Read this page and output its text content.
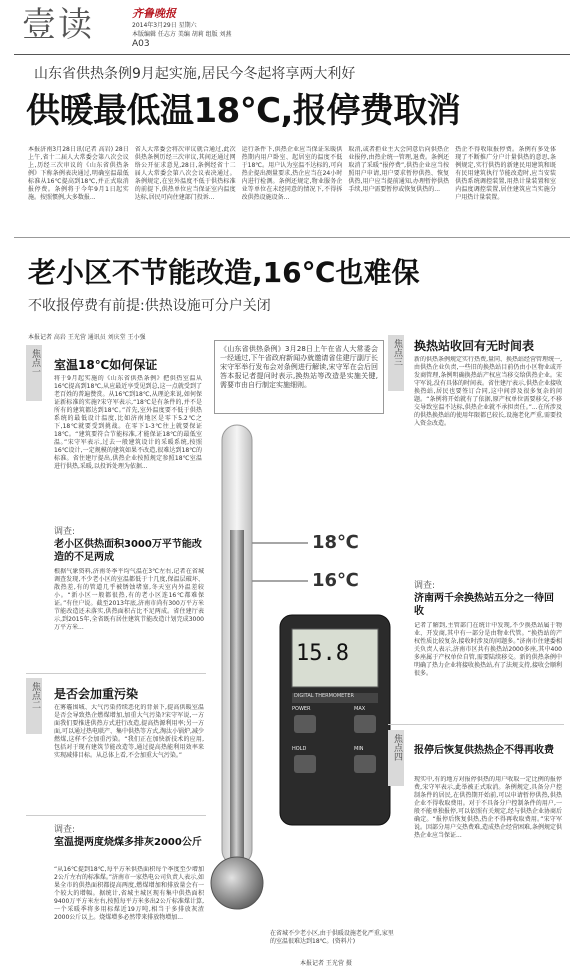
壹读	齐鲁晚报
2014年3月29日 星期六
本版编辑 任志方 美编 胡莉 组版 刘燕
A03
山东省供热条例9月起实施,居民今冬起将享两大利好
供暖最低温18℃,报停费取消
本报济南3月28日讯(记者 高岩) 28日上午,省十二届人大常委会第八次会议上,历经三次审议的《山东省供热条例》下称条例表决通过,明确室温最低标准从16℃提高到18℃,并正式取消报停费。条例将于今年9月1日起实施。按照惯例,大多数报...
省人大常委会将次审议就合通过,此次供热条例历经三次审议,其间还通过网络公开征求意见,28日,条例经省十二届人大常委会第八次会议表决通过。条例规定,在室外温度不低于供热标准的前提下,供热单位应当保证室内温度达标,居民可向住建部门投诉...
运行条件下,供热企业应当保证采暖供热期内用户卧室、起居室的温度不低于18℃。用户认为室温不达标的,可向热企提出测量要求,热企应当在24小时内进行检测。条例还规定,物业服务企业等单位在未经同意的情况下,不得拆改供热设施设备...
取消,或者拒业主大会同意后向供热企业报停,由热企统一管理,退费。条例还取消了采暖“报停费”,供热企业应当按照用户申请,用户要求暂停供热、恢复供热,用户应当提前通知,办理暂停供热手续,用户需要暂停或恢复供热的...
热企不得收取报停费。条例有多处体现了不断推广分户计量供热的意思,条例规定,实行供热的新建民用建筑和既有民用建筑执行节能改造时,应当安装供热系统调控装置,用热计量装置和室内温度调控装置,居住建筑应当实施分户用热计量装置。
老小区不节能改造,16℃也难保
不收报停费有前提:供热设施可分户关闭
本报记者 高岩 王光营 通讯员 刘庆堂 王小强
焦点一	室温18℃如何保证
将于9月起实施的《山东省供热条例》把供热室温从16℃提高到18℃,从应最近享受见到总,这一点就受到了老百姓的普遍赞赏。从16℃到18℃,从理论来说,如何保证新标准的实施?宋守军表示,“18℃是有条件的,并不是所有的建筑都达到18℃。”首先,室外温度要不低于供热系统的最低设计温度,比如济南地区是零下5.2℃之下,18℃就要受到挑战。在零下1-3℃往上就要保证18℃。“建筑要符合节能标准,才能保证18℃的最低室温。”宋守军表示,过去一般建筑设计的采暖系统,按照16℃设计,一定规模的建筑如果不改造,很难达到18℃的标准。省住建厅提出,供热企业按照规定参照18℃室温进行供热,采暖,以投诉处理为依据...
调查:
老小区供热面积3000万平节能改造的不足两成
根据气象资料,济南冬季平均气温在3℃左右,记者在省城调查发现,不少老小区的室温都低于十几度,保温层破坏、散热差,有的管道几乎被锈蚀堵塞,冬天室内外温差较小。“新小区一般都很热,有的老小区连16℃都难保证。”有住户说。截至2013年底,济南市尚有300万平方米节能改造还未落实,供热面积占比不足两成。省住建厅表示,到2015年,全省既有居住建筑节能改造计划完成3000万平方米...
焦点二	是否会加重污染
在雾霾围城、大气污染持续恶化的背景下,提高供暖室温是否会导致热企燃煤增加,加重大气污染?宋守军说,一方面我们要推进供热方式进行改造,提高热源利用率;另一方面,可以通过热电联产、集中供热等方式,淘汰小锅炉,减少燃煤,这样不会加重污染。“我们正在加快新技术的应用,包括对于现有建筑节能改造等,通过提高热能利用效率来实现减排目标。从总体上看,不会加重大气污染。”
调查:
室温提两度烧煤多排灰2000公斤
“从16℃提到18℃,每平方米供热面积每个季度至少增加2公斤左右的标准煤。”济南市一家热电公司负责人表示,如果全市的供热面积都提高两度,燃煤增加和排放量会有一个较大的增幅。据统计,省城主城区现有集中供热面积9400万平方米左右,按照每平方米多出2公斤标准煤计算,一个采暖季将多用标煤近19万吨,相当于多排放灰渣2000公斤以上。烧煤增多必然带来排放物增加...
《山东省供热条例》3月28日上午在省人大常委会一经通过,下午省政府新闻办就邀请省住建厅副厅长宋守军举行发布会对条例进行解读,宋守军在会后回答本报记者提问时表示,换热站等改造是实施关键,需要市由自行制定实施细则。
18℃
16℃
15.8
DIGITAL THERMOMETER
POWER
HOLD
MAX
MIN
在省城不少老小区,由于供暖设施老化严重,家里的室温很难达到18℃。(资料片)
本报记者 王光营 摄
焦点三	换热站收回有无时间表
新的供热条例规定实行热费,量同、换热站经营管理统一,由供热企业负责,一些旧的换热站目前仍由小区物业或开发商管理,条例明确换热站产权应当移交给供热企业。宋守军说,没有具体的时间表。省住建厅表示,供热企业接收换热站,居民也要签订合同,这中间涉及很多复杂的问题。“条例将开始就有了依据,原产权单位需要移交,不移交导致室温不达标,供热企业就不承担责任。”...在所涉及的供热换热站的使用年限都已较长,设施老化严重,需要投入资金改造。
调查:
济南两千余换热站五分之一待回收
记者了解到,主管部门在统计中发现,不少换热站属于物业、开发商,其中有一部分是由物业代管。“换热站的产权性质比较复杂,接收时涉及的问题多。”济南市住建委相关负责人表示,济南市区共有换热站2000多座,其中400多座属于产权单位自管,需要陆续移交。新的供热条例中明确了热力企业将接收换热站,有了法规支持,接收会顺利很多。
焦点四	报停后恢复供热热企不得再收费
现实中,有的地方对报停供热的用户收取一定比例的报停费,宋守军表示,此举被正式取消。条例规定,具备分户控制条件的居民,在供热期开始前,可以申请暂停供热,供热企业不得收取费用。对于不具备分户控制条件的用户,一般不能单独报停,可以依照有关规定,经与供热企业协商后确定。“报停后恢复供热,热企不得再收取费用。”宋守军说。因部分用户交热费难,造成热企经营困难,条例规定供热企业应当保证...
